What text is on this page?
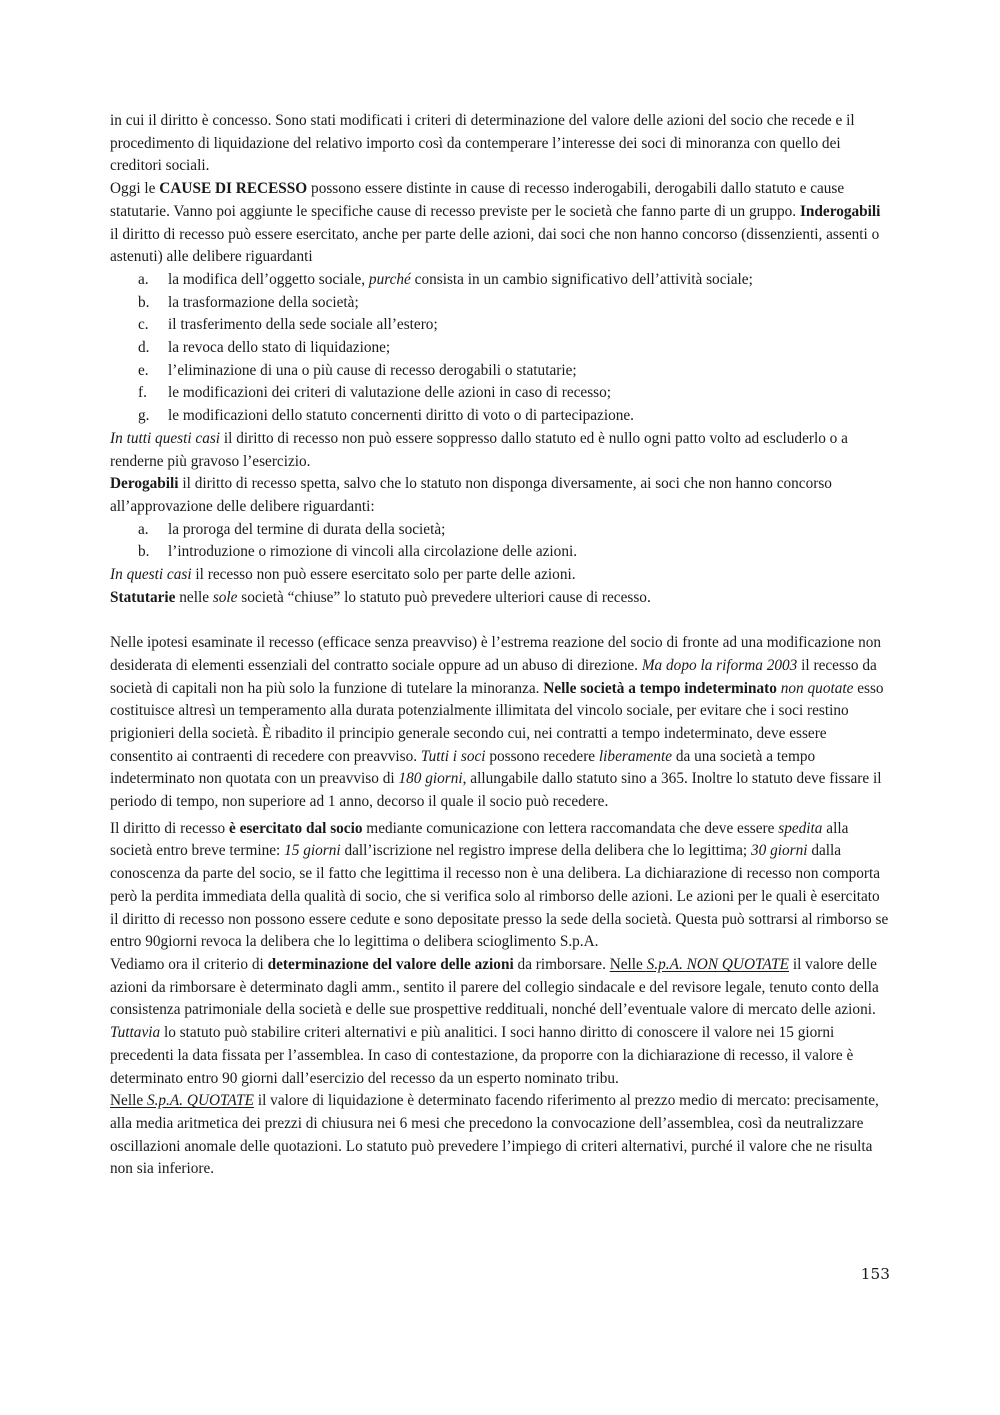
in cui il diritto è concesso. Sono stati modificati i criteri di determinazione del valore delle azioni del socio che recede e il procedimento di liquidazione del relativo importo così da contemperare l’interesse dei soci di minoranza con quello dei creditori sociali.

Oggi le CAUSE DI RECESSO possono essere distinte in cause di recesso inderogabili, derogabili dallo statuto e cause statutarie. Vanno poi aggiunte le specifiche cause di recesso previste per le società che fanno parte di un gruppo. Inderogabili il diritto di recesso può essere esercitato, anche per parte delle azioni, dai soci che non hanno concorso (dissenzienti, assenti o astenuti) alle delibere riguardanti

a.	la modifica dell’oggetto sociale, purché consista in un cambio significativo dell’attività sociale;
b.	la trasformazione della società;
c.	il trasferimento della sede sociale all’estero;
d.	la revoca dello stato di liquidazione;
e.	l’eliminazione di una o più cause di recesso derogabili o statutarie;
f.	le modificazioni dei criteri di valutazione delle azioni in caso di recesso;
g.	le modificazioni dello statuto concernenti diritto di voto o di partecipazione.

In tutti questi casi il diritto di recesso non può essere soppresso dallo statuto ed è nullo ogni patto volto ad escluderlo o a renderne più gravoso l’esercizio.

Derogabili il diritto di recesso spetta, salvo che lo statuto non disponga diversamente, ai soci che non hanno concorso all’approvazione delle delibere riguardanti:

a.	la proroga del termine di durata della società;
b.	l’introduzione o rimozione di vincoli alla circolazione delle azioni.

In questi casi il recesso non può essere esercitato solo per parte delle azioni.

Statutarie nelle sole società “chiuse” lo statuto può prevedere ulteriori cause di recesso.

Nelle ipotesi esaminate il recesso (efficace senza preavviso) è l’estrema reazione del socio di fronte ad una modificazione non desiderata di elementi essenziali del contratto sociale oppure ad un abuso di direzione. Ma dopo la riforma 2003 il recesso da società di capitali non ha più solo la funzione di tutelare la minoranza. Nelle società a tempo indeterminato non quotate esso costituisce altresì un temperamento alla durata potenzialmente illimitata del vincolo sociale, per evitare che i soci restino prigionieri della società. È ribadito il principio generale secondo cui, nei contratti a tempo indeterminato, deve essere consentito ai contraenti di recedere con preavviso. Tutti i soci possono recedere liberamente da una società a tempo indeterminato non quotata con un preavviso di 180 giorni, allungabile dallo statuto sino a 365. Inoltre lo statuto deve fissare il periodo di tempo, non superiore ad 1 anno, decorso il quale il socio può recedere.

Il diritto di recesso è esercitato dal socio mediante comunicazione con lettera raccomandata che deve essere spedita alla società entro breve termine: 15 giorni dall’iscrizione nel registro imprese della delibera che lo legittima; 30 giorni dalla conoscenza da parte del socio, se il fatto che legittima il recesso non è una delibera. La dichiarazione di recesso non comporta però la perdita immediata della qualità di socio, che si verifica solo al rimborso delle azioni. Le azioni per le quali è esercitato il diritto di recesso non possono essere cedute e sono depositate presso la sede della società. Questa può sottrarsi al rimborso se entro 90giorni revoca la delibera che lo legittima o delibera scioglimento S.p.A.

Vediamo ora il criterio di determinazione del valore delle azioni da rimborsare. Nelle S.p.A. NON QUOTATE il valore delle azioni da rimborsare è determinato dagli amm., sentito il parere del collegio sindacale e del revisore legale, tenuto conto della consistenza patrimoniale della società e delle sue prospettive reddituali, nonché dell’eventuale valore di mercato delle azioni. Tuttavia lo statuto può stabilire criteri alternativi e più analitici. I soci hanno diritto di conoscere il valore nei 15 giorni precedenti la data fissata per l’assemblea. In caso di contestazione, da proporre con la dichiarazione di recesso, il valore è determinato entro 90 giorni dall’esercizio del recesso da un esperto nominato tribu.

Nelle S.p.A. QUOTATE il valore di liquidazione è determinato facendo riferimento al prezzo medio di mercato: precisamente, alla media aritmetica dei prezzi di chiusura nei 6 mesi che precedono la convocazione dell’assemblea, così da neutralizzare oscillazioni anomale delle quotazioni. Lo statuto può prevedere l’impiego di criteri alternativi, purché il valore che ne risulta non sia inferiore.

153
